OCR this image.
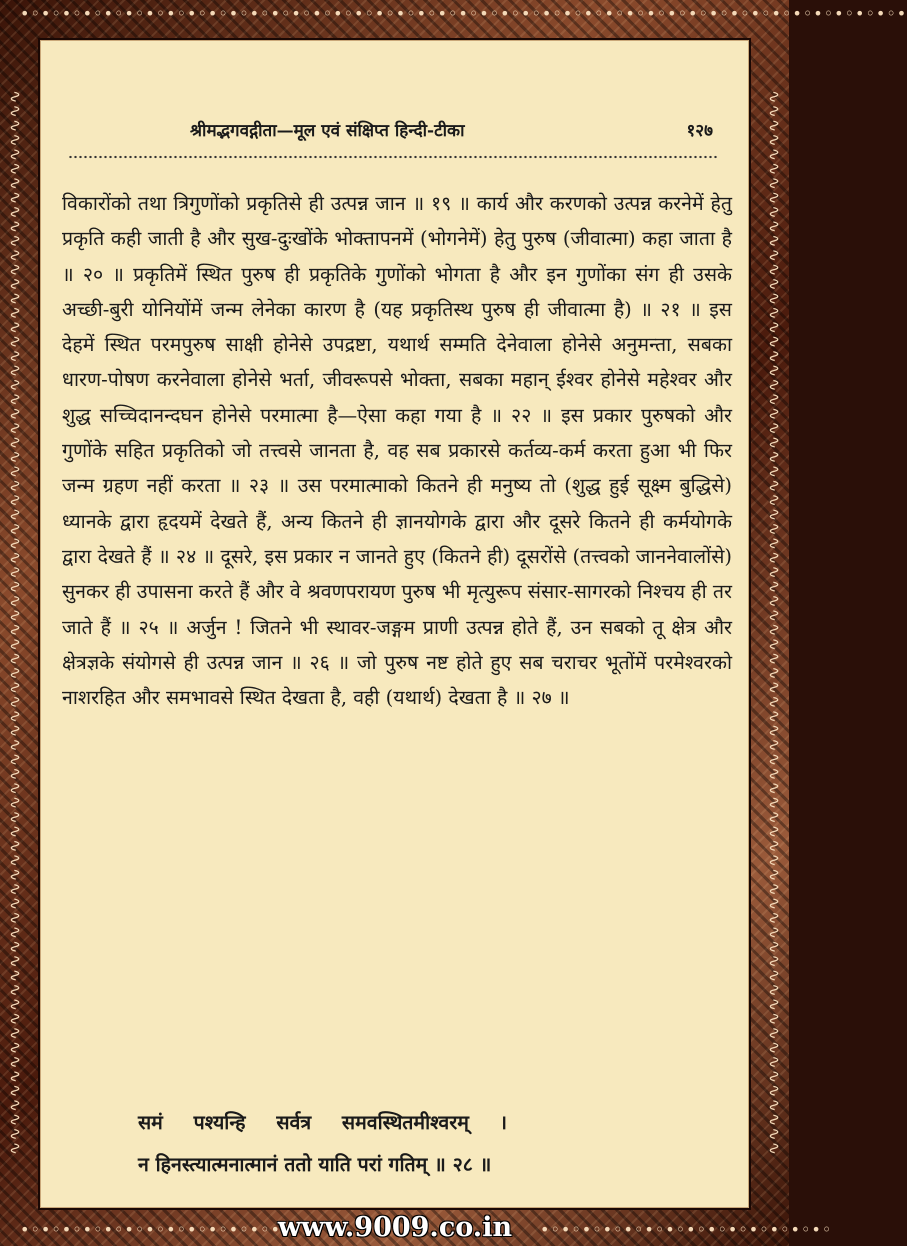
•◦•◦•◦•◦•◦•◦•◦•◦•◦•◦•◦•◦•◦•◦•◦•◦•◦•◦•◦•◦•◦•◦•◦•◦•◦•◦•◦•◦•◦•◦•◦•◦•◦•◦•◦•◦•◦•◦•◦•◦•◦•◦•
∿∿∿∿∿∿∿∿∿∿∿∿∿∿∿∿∿∿∿∿∿∿∿∿∿∿∿∿∿∿∿∿∿∿∿∿∿∿∿∿∿∿∿∿∿∿∿∿∿∿∿∿∿∿∿∿∿∿∿∿∿∿∿∿∿∿∿∿∿∿∿∿∿∿	∿∿∿∿∿∿∿∿∿∿∿∿∿∿∿∿∿∿∿∿∿∿∿∿∿∿∿∿∿∿∿∿∿∿∿∿∿∿∿∿∿∿∿∿∿∿∿∿∿∿∿∿∿∿∿∿∿∿∿∿∿∿∿∿∿∿∿∿∿∿∿∿∿∿
•◦•◦•◦•◦•◦•◦•◦•◦•◦•◦•◦•◦•◦•◦	•◦•◦•◦•◦•◦•◦•◦•◦•◦•◦•◦•◦•◦•◦
श्रीमद्भगवद्गीता—मूल एवं संक्षिप्त हिन्दी-टीका	१२७

विकारोंको तथा त्रिगुणोंको प्रकृतिसे ही उत्पन्न जान ॥ १९ ॥ कार्य और करणको उत्पन्न करनेमें हेतु प्रकृति कही जाती है और सुख-दुःखोंके भोक्तापनमें (भोगनेमें) हेतु पुरुष (जीवात्मा) कहा जाता है ॥ २० ॥ प्रकृतिमें स्थित पुरुष ही प्रकृतिके गुणोंको भोगता है और इन गुणोंका संग ही उसके अच्छी-बुरी योनियोंमें जन्म लेनेका कारण है (यह प्रकृतिस्थ पुरुष ही जीवात्मा है) ॥ २१ ॥ इस देहमें स्थित परमपुरुष साक्षी होनेसे उपद्रष्टा, यथार्थ सम्मति देनेवाला होनेसे अनुमन्ता, सबका धारण-पोषण करनेवाला होनेसे भर्ता, जीवरूपसे भोक्ता, सबका महान् ईश्वर होनेसे महेश्वर और शुद्ध सच्चिदानन्दघन होनेसे परमात्मा है—ऐसा कहा गया है ॥ २२ ॥ इस प्रकार पुरुषको और गुणोंके सहित प्रकृतिको जो तत्त्वसे जानता है, वह सब प्रकारसे कर्तव्य-कर्म करता हुआ भी फिर जन्म ग्रहण नहीं करता ॥ २३ ॥ उस परमात्माको कितने ही मनुष्य तो (शुद्ध हुई सूक्ष्म बुद्धिसे) ध्यानके द्वारा हृदयमें देखते हैं, अन्य कितने ही ज्ञानयोगके द्वारा और दूसरे कितने ही कर्मयोगके द्वारा देखते हैं ॥ २४ ॥ दूसरे, इस प्रकार न जानते हुए (कितने ही) दूसरोंसे (तत्त्वको जाननेवालोंसे) सुनकर ही उपासना करते हैं और वे श्रवणपरायण पुरुष भी मृत्युरूप संसार-सागरको निश्चय ही तर जाते हैं ॥ २५ ॥ अर्जुन ! जितने भी स्थावर-जङ्गम प्राणी उत्पन्न होते हैं, उन सबको तू क्षेत्र और क्षेत्रज्ञके संयोगसे ही उत्पन्न जान ॥ २६ ॥ जो पुरुष नष्ट होते हुए सब चराचर भूतोंमें परमेश्वरको नाशरहित और समभावसे स्थित देखता है, वही (यथार्थ) देखता है ॥ २७ ॥

समं पश्यन्हि सर्वत्र समवस्थितमीश्वरम् ।
न हिनस्त्यात्मनात्मानं ततो याति परां गतिम् ॥ २८ ॥
www.9009.co.in
